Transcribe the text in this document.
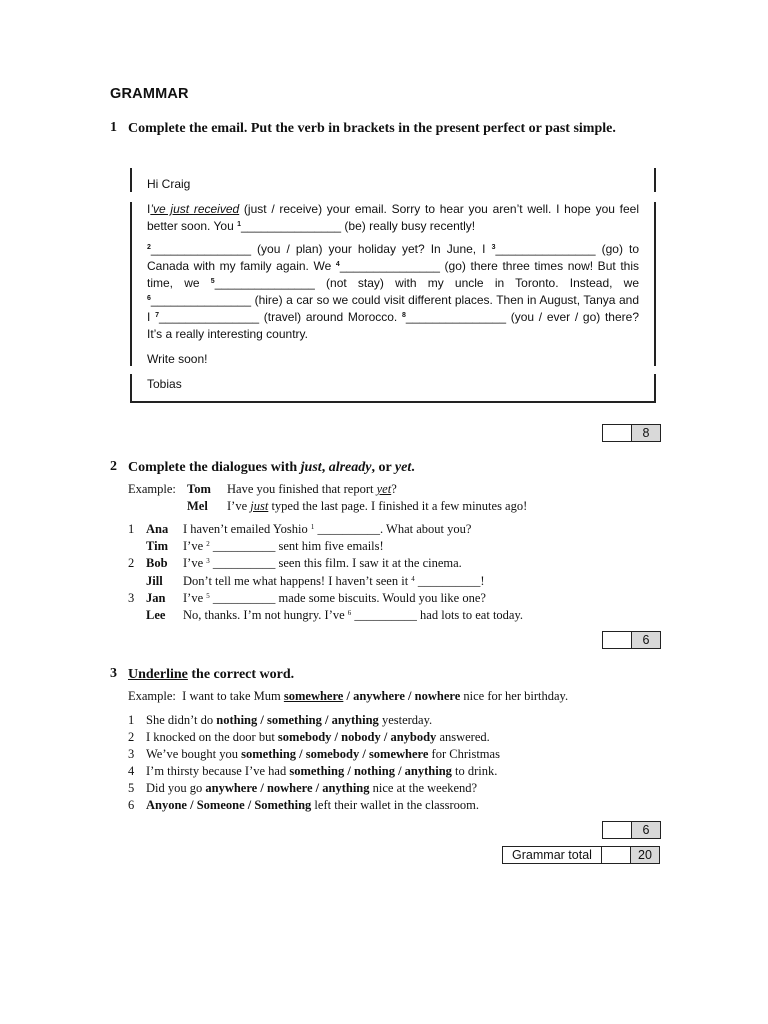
GRAMMAR
1 Complete the email. Put the verb in brackets in the present perfect or past simple.
Hi Craig
I’ve just received (just / receive) your email. Sorry to hear you aren’t well. I hope you feel better soon. You $^1$_______________ (be) really busy recently!
$^2$_______________ (you / plan) your holiday yet? In June, I $^3$_______________ (go) to Canada with my family again. We $^4$_______________ (go) there three times now! But this time, we $^5$_______________ (not stay) with my uncle in Toronto. Instead, we $^6$_______________ (hire) a car so we could visit different places. Then in August, Tanya and I $^7$_______________ (travel) around Morocco. $^8$_______________ (you / ever / go) there? It’s a really interesting country.
Write soon!
Tobias
8
2 Complete the dialogues with just, already, or yet.
Example: Tom Have you finished that report yet?
Mel I’ve just typed the last page. I finished it a few minutes ago!
1 Ana I haven’t emailed Yoshio $^1$ __________. What about you?
Tim I’ve $^2$ __________ sent him five emails!
2 Bob I’ve $^3$ __________ seen this film. I saw it at the cinema.
Jill Don’t tell me what happens! I haven’t seen it $^4$ __________!
3 Jan I’ve $^5$ __________ made some biscuits. Would you like one?
Lee No, thanks. I’m not hungry. I’ve $^6$ __________ had lots to eat today.
6
3 Underline the correct word.
Example: I want to take Mum somewhere / anywhere / nowhere nice for her birthday.
1 She didn’t do nothing / something / anything yesterday.
2 I knocked on the door but somebody / nobody / anybody answered.
3 We’ve bought you something / somebody / somewhere for Christmas
4 I’m thirsty because I’ve had something / nothing / anything to drink.
5 Did you go anywhere / nowhere / anything nice at the weekend?
6 Anyone / Someone / Something left their wallet in the classroom.
6
Grammar total	20
